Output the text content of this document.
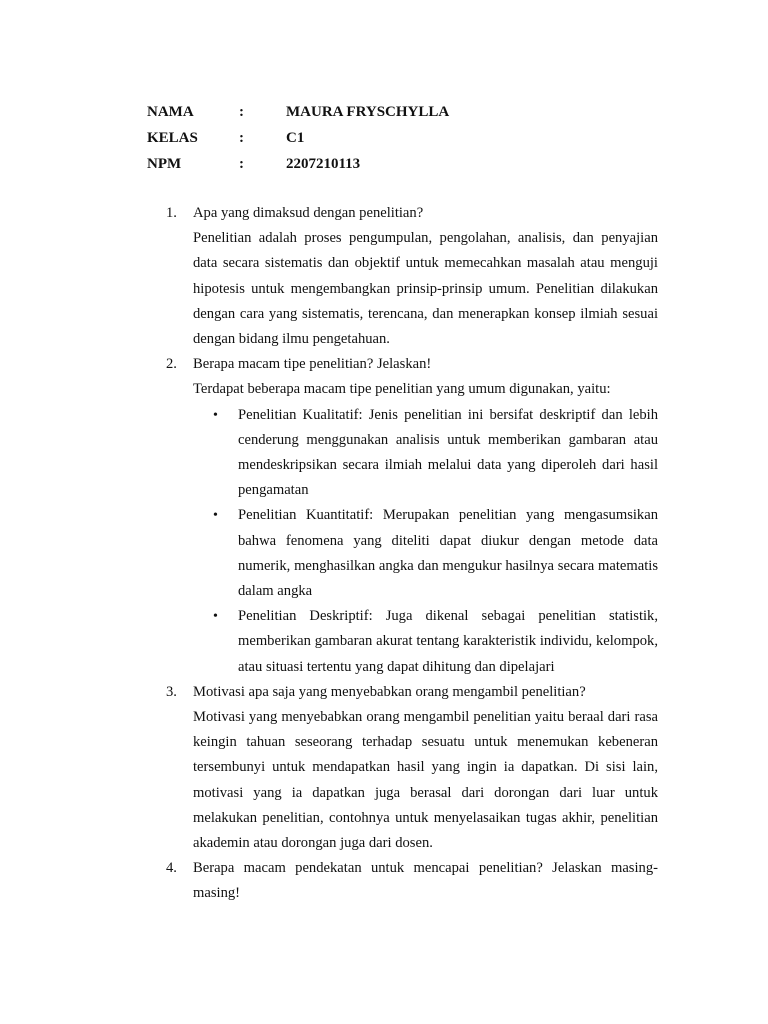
NAMA	:	MAURA FRYSCHYLLA
KELAS	:	C1
NPM	:	2207210113
1. Apa yang dimaksud dengan penelitian?
Penelitian adalah proses pengumpulan, pengolahan, analisis, dan penyajian data secara sistematis dan objektif untuk memecahkan masalah atau menguji hipotesis untuk mengembangkan prinsip-prinsip umum. Penelitian dilakukan dengan cara yang sistematis, terencana, dan menerapkan konsep ilmiah sesuai dengan bidang ilmu pengetahuan.
2. Berapa macam tipe penelitian? Jelaskan!
Terdapat beberapa macam tipe penelitian yang umum digunakan, yaitu:
• Penelitian Kualitatif: Jenis penelitian ini bersifat deskriptif dan lebih cenderung menggunakan analisis untuk memberikan gambaran atau mendeskripsikan secara ilmiah melalui data yang diperoleh dari hasil pengamatan
• Penelitian Kuantitatif: Merupakan penelitian yang mengasumsikan bahwa fenomena yang diteliti dapat diukur dengan metode data numerik, menghasilkan angka dan mengukur hasilnya secara matematis dalam angka
• Penelitian Deskriptif: Juga dikenal sebagai penelitian statistik, memberikan gambaran akurat tentang karakteristik individu, kelompok, atau situasi tertentu yang dapat dihitung dan dipelajari
3. Motivasi apa saja yang menyebabkan orang mengambil penelitian?
Motivasi yang menyebabkan orang mengambil penelitian yaitu beraal dari rasa keingin tahuan seseorang terhadap sesuatu untuk menemukan kebeneran tersembunyi untuk mendapatkan hasil yang ingin ia dapatkan. Di sisi lain, motivasi yang ia dapatkan juga berasal dari dorongan dari luar untuk melakukan penelitian, contohnya untuk menyelasaikan tugas akhir, penelitian akademin atau dorongan juga dari dosen.
4. Berapa macam pendekatan untuk mencapai penelitian? Jelaskan masing-masing!
